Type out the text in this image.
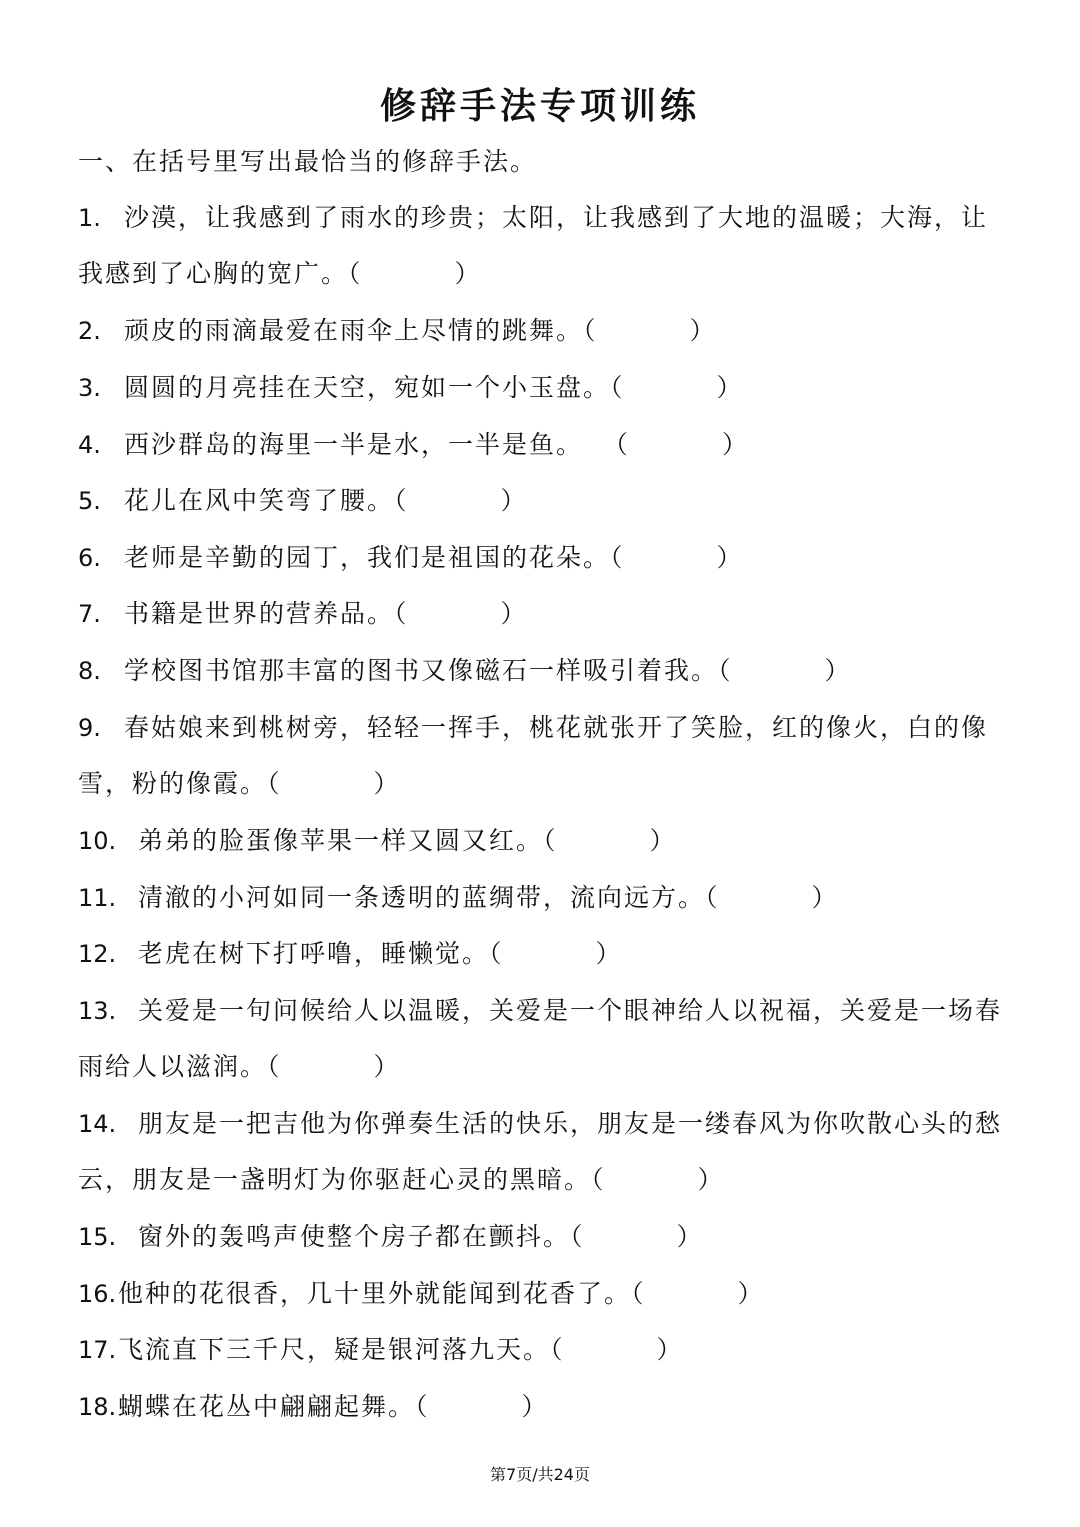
修辞手法专项训练
一、在括号里写出最恰当的修辞手法。
1. 沙漠，让我感到了雨水的珍贵；太阳，让我感到了大地的温暖；大海，让我感到了心胸的宽广。（	）
2. 顽皮的雨滴最爱在雨伞上尽情的跳舞。（	）
3. 圆圆的月亮挂在天空，宛如一个小玉盘。（	）
4. 西沙群岛的海里一半是水，一半是鱼。 （	）
5. 花儿在风中笑弯了腰。（	）
6. 老师是辛勤的园丁，我们是祖国的花朵。（	）
7. 书籍是世界的营养品。（	）
8. 学校图书馆那丰富的图书又像磁石一样吸引着我。（	）
9. 春姑娘来到桃树旁，轻轻一挥手，桃花就张开了笑脸，红的像火，白的像雪，粉的像霞。（	）
10. 弟弟的脸蛋像苹果一样又圆又红。（	）
11. 清澈的小河如同一条透明的蓝绸带，流向远方。（	）
12. 老虎在树下打呼噜，睡懒觉。（	）
13. 关爱是一句问候给人以温暖，关爱是一个眼神给人以祝福，关爱是一场春雨给人以滋润。（	）
14. 朋友是一把吉他为你弹奏生活的快乐，朋友是一缕春风为你吹散心头的愁云，朋友是一盏明灯为你驱赶心灵的黑暗。（	）
15. 窗外的轰鸣声使整个房子都在颤抖。（	）
16.他种的花很香，几十里外就能闻到花香了。（	）
17.飞流直下三千尺，疑是银河落九天。（	）
18.蝴蝶在花丛中翩翩起舞。（	）
第7页/共24页
